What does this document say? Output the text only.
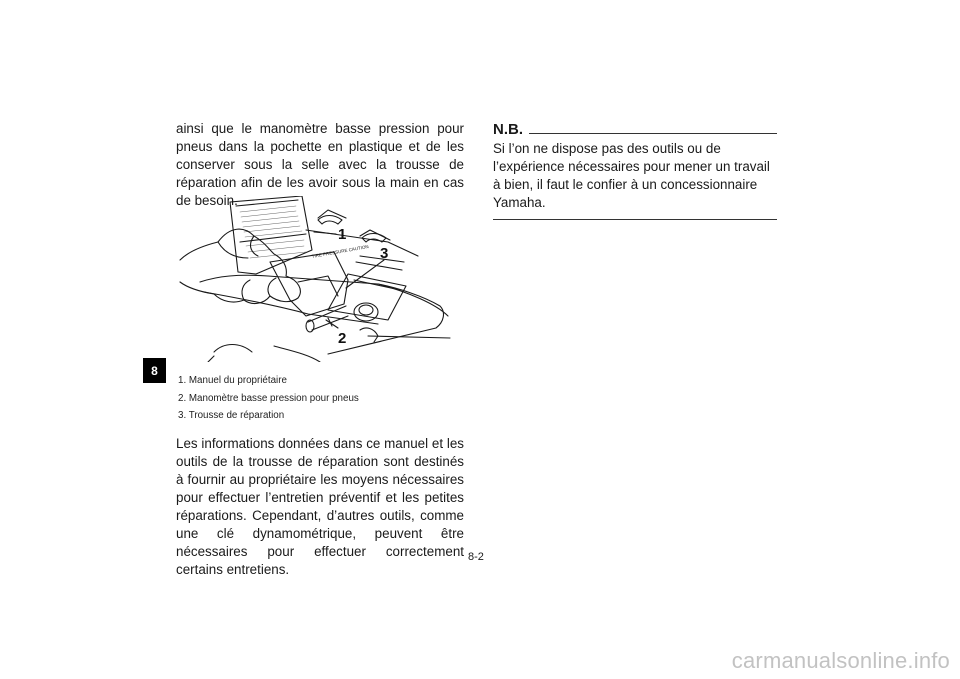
8

ainsi que le manomètre basse pression pour pneus dans la pochette en plastique et de les conserver sous la selle avec la trousse de réparation afin de les avoir sous la main en cas de besoin.

TIRE PRESSURE CAUTION
1
2
3

1. Manuel du propriétaire

2. Manomètre basse pression pour pneus

3. Trousse de réparation

Les informations données dans ce manuel et les outils de la trousse de réparation sont destinés à fournir au propriétaire les moyens nécessaires pour effectuer l’entretien préventif et les petites réparations. Cependant, d’autres outils, comme une clé dynamométrique, peuvent être nécessaires pour effectuer correctement certains entretiens.

N.B.

Si l’on ne dispose pas des outils ou de l’expérience nécessaires pour mener un travail à bien, il faut le confier à un concessionnaire Yamaha.

8-2
carmanualsonline.info
